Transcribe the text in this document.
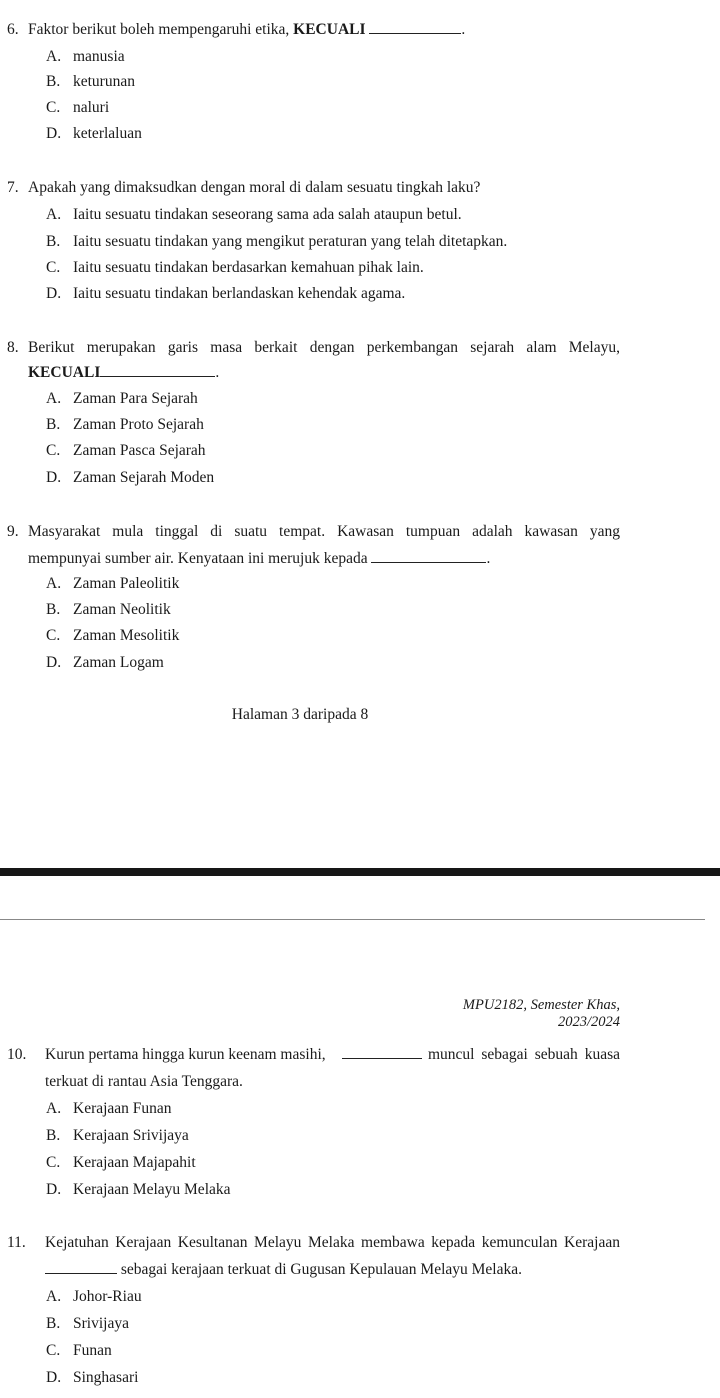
6. Faktor berikut boleh mempengaruhi etika, KECUALI	.
A. manusia
B. keturunan
C. naluri
D. keterlaluan
7. Apakah yang dimaksudkan dengan moral di dalam sesuatu tingkah laku?
A. Iaitu sesuatu tindakan seseorang sama ada salah ataupun betul.
B. Iaitu sesuatu tindakan yang mengikut peraturan yang telah ditetapkan.
C. Iaitu sesuatu tindakan berdasarkan kemahuan pihak lain.
D. Iaitu sesuatu tindakan berlandaskan kehendak agama.
8. Berikut merupakan garis masa berkait dengan perkembangan sejarah alam Melayu,
KECUALI	.
A. Zaman Para Sejarah
B. Zaman Proto Sejarah
C. Zaman Pasca Sejarah
D. Zaman Sejarah Moden
9. Masyarakat mula tinggal di suatu tempat. Kawasan tumpuan adalah kawasan yang
mempunyai sumber air. Kenyataan ini merujuk kepada	.
A. Zaman Paleolitik
B. Zaman Neolitik
C. Zaman Mesolitik
D. Zaman Logam
Halaman 3 daripada 8
MPU2182, Semester Khas, 2023/2024
10. Kurun pertama hingga kurun keenam masihi,	muncul sebagai sebuah kuasa
terkuat di rantau Asia Tenggara.
A. Kerajaan Funan
B. Kerajaan Srivijaya
C. Kerajaan Majapahit
D. Kerajaan Melayu Melaka
11. Kejatuhan Kerajaan Kesultanan Melayu Melaka membawa kepada kemunculan Kerajaan
sebagai kerajaan terkuat di Gugusan Kepulauan Melayu Melaka.
A. Johor-Riau
B. Srivijaya
C. Funan
D. Singhasari
